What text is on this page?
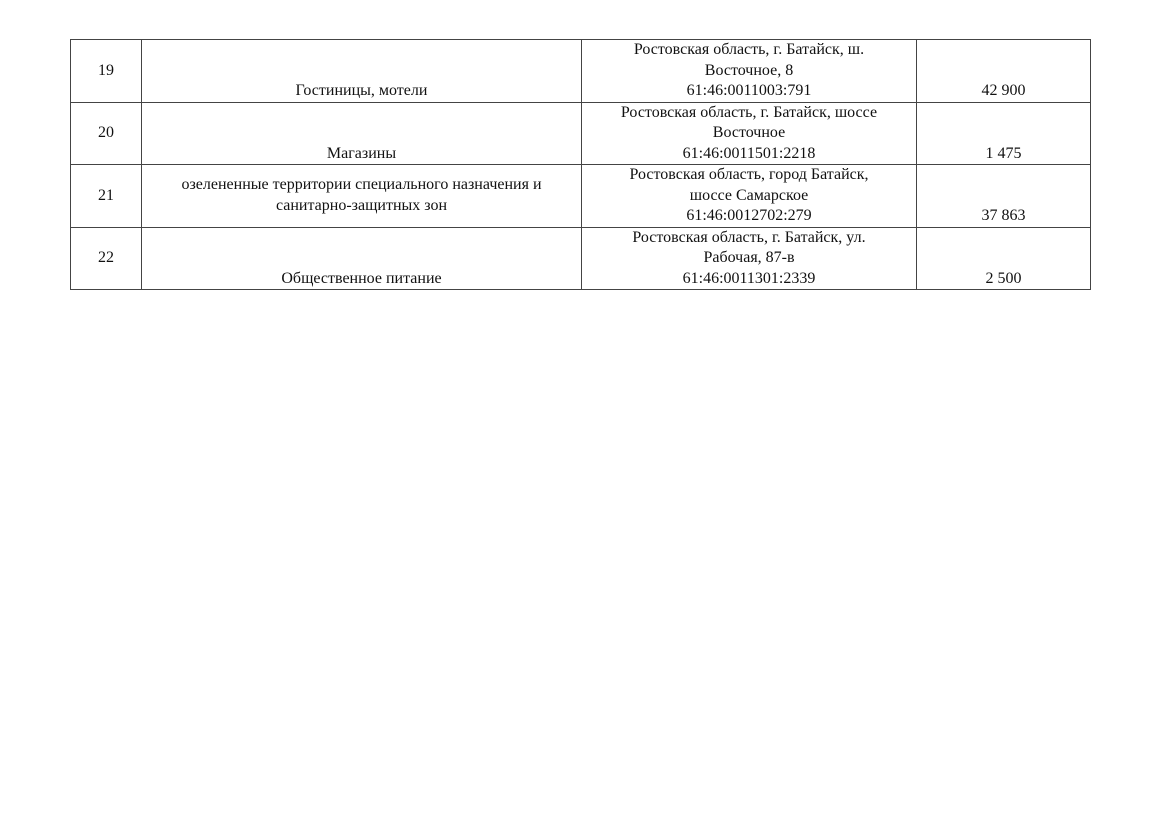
19	Гостиницы, мотели	Ростовская область, г. Батайск, ш.
Восточное, 8
61:46:0011003:791	42 900
20	Магазины	Ростовская область, г. Батайск, шоссе
Восточное
61:46:0011501:2218	1 475
21	озелененные территории специального назначения и
санитарно-защитных зон	Ростовская область, город Батайск,
шоссе Самарское
61:46:0012702:279	37 863
22	Общественное питание	Ростовская область, г. Батайск, ул.
Рабочая, 87-в
61:46:0011301:2339	2 500
